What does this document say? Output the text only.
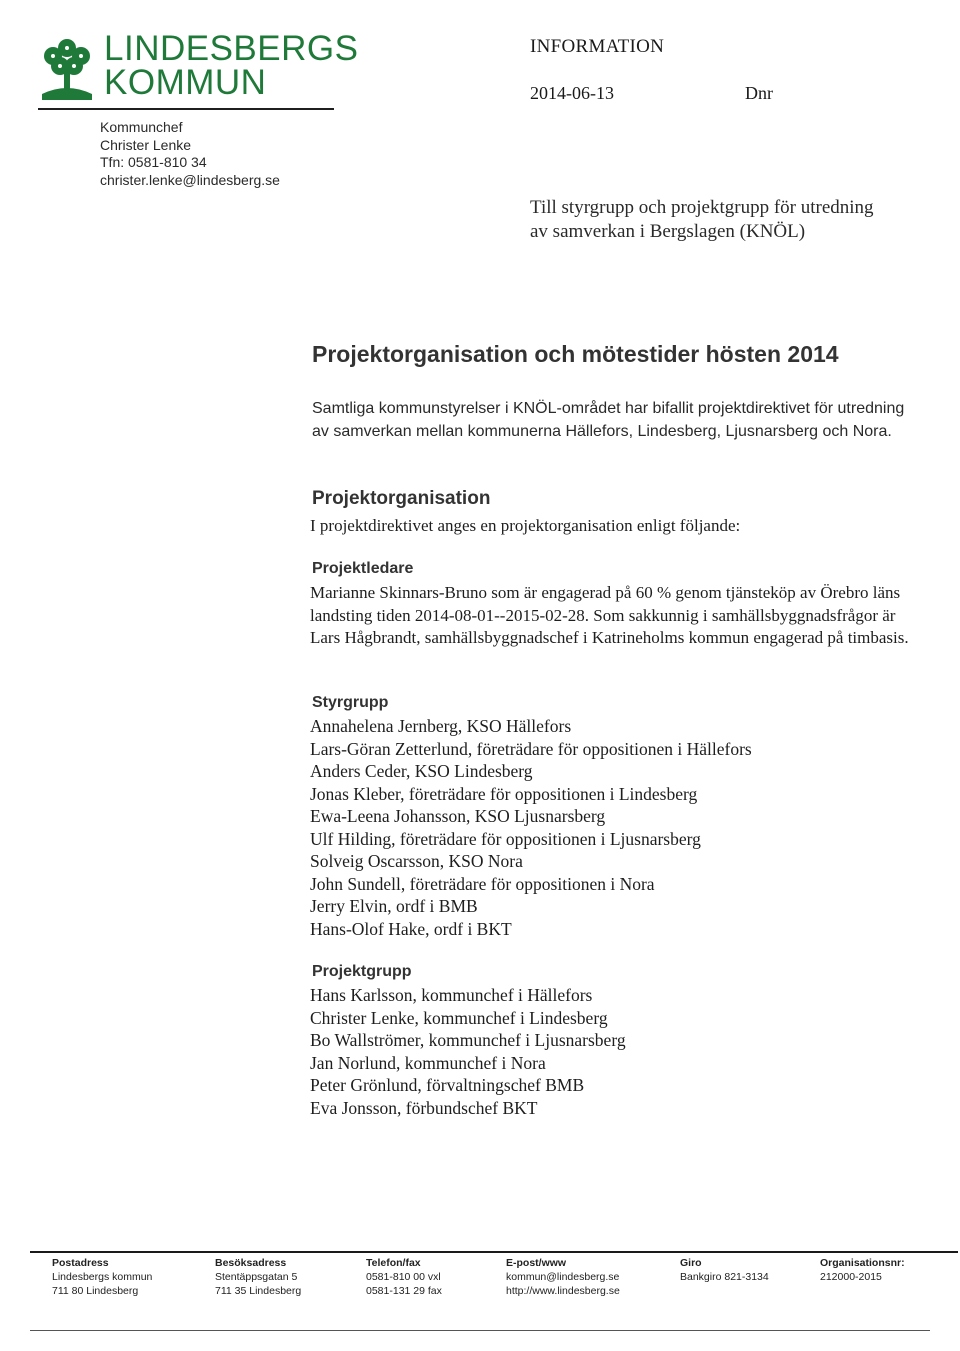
LINDESBERGS
KOMMUN
Kommunchef
Christer Lenke
Tfn: 0581-810 34
christer.lenke@lindesberg.se
INFORMATION
2014-06-13	Dnr
Till styrgrupp och projektgrupp för utredning
av samverkan i Bergslagen (KNÖL)
Projektorganisation och mötestider hösten 2014
Samtliga kommunstyrelser i KNÖL-området har bifallit projektdirektivet för utredning av samverkan mellan kommunerna Hällefors, Lindesberg, Ljusnarsberg och Nora.
Projektorganisation
I projektdirektivet anges en projektorganisation enligt följande:
Projektledare
Marianne Skinnars-Bruno som är engagerad på 60 % genom tjänsteköp av Örebro läns landsting tiden 2014-08-01--2015-02-28. Som sakkunnig i samhällsbyggnadsfrågor är Lars Hågbrandt, samhällsbyggnadschef i Katrineholms kommun engagerad på timbasis.
Styrgrupp
Annahelena Jernberg, KSO Hällefors
Lars-Göran Zetterlund, företrädare för oppositionen i Hällefors
Anders Ceder, KSO Lindesberg
Jonas Kleber, företrädare för oppositionen i Lindesberg
Ewa-Leena Johansson, KSO Ljusnarsberg
Ulf Hilding, företrädare för oppositionen i Ljusnarsberg
Solveig Oscarsson, KSO Nora
John Sundell, företrädare för oppositionen i Nora
Jerry Elvin, ordf i BMB
Hans-Olof Hake, ordf i BKT
Projektgrupp
Hans Karlsson, kommunchef i Hällefors
Christer Lenke, kommunchef i Lindesberg
Bo Wallströmer, kommunchef i Ljusnarsberg
Jan Norlund, kommunchef i Nora
Peter Grönlund, förvaltningschef BMB
Eva Jonsson, förbundschef BKT
Postadress
Lindesbergs kommun
711 80 Lindesberg
Besöksadress
Stentäppsgatan 5
711 35 Lindesberg
Telefon/fax
0581-810 00 vxl
0581-131 29 fax
E-post/www
kommun@lindesberg.se
http://www.lindesberg.se
Giro
Bankgiro 821-3134
Organisationsnr:
212000-2015
